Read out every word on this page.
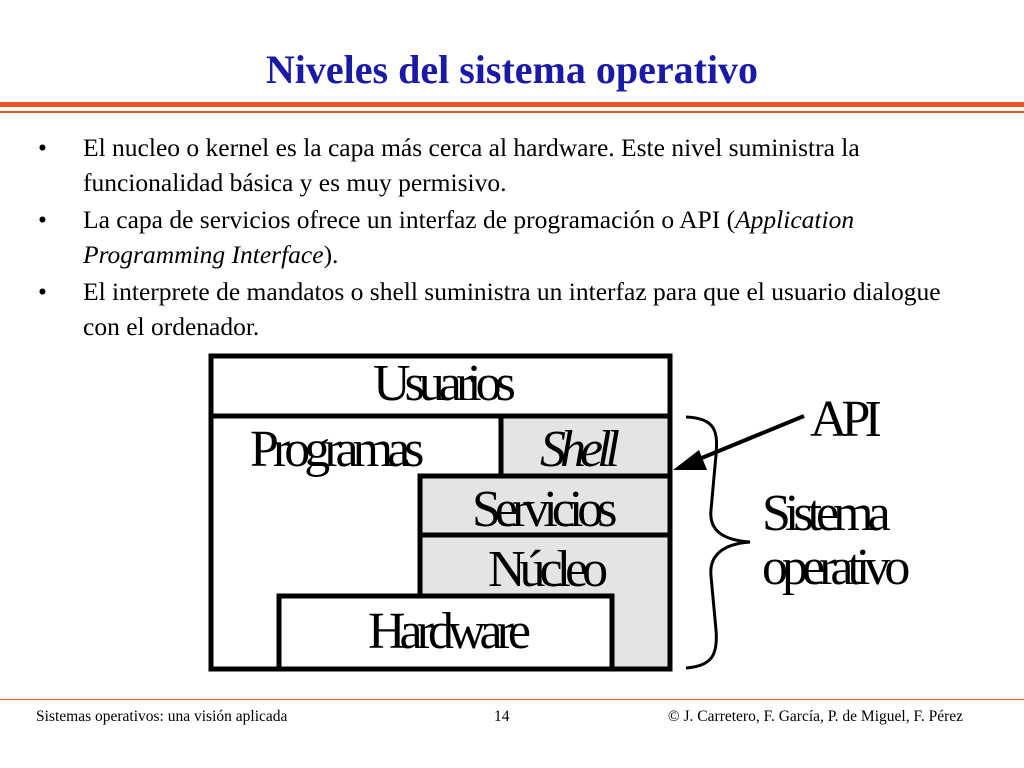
Niveles del sistema operativo
• El nucleo o kernel es la capa más cerca al hardware. Este nivel suministra la funcionalidad básica y es muy permisivo.
• La capa de servicios ofrece un interfaz de programación o API (Application Programming Interface).
• El interprete de mandatos o shell suministra un interfaz para que el usuario dialogue con el ordenador.
Usuarios
Programas Shell
Servicios
Núcleo
Hardware
API
Sistema
operativo
Sistemas operativos: una visión aplicada	14	© J. Carretero, F. García, P. de Miguel, F. Pérez
